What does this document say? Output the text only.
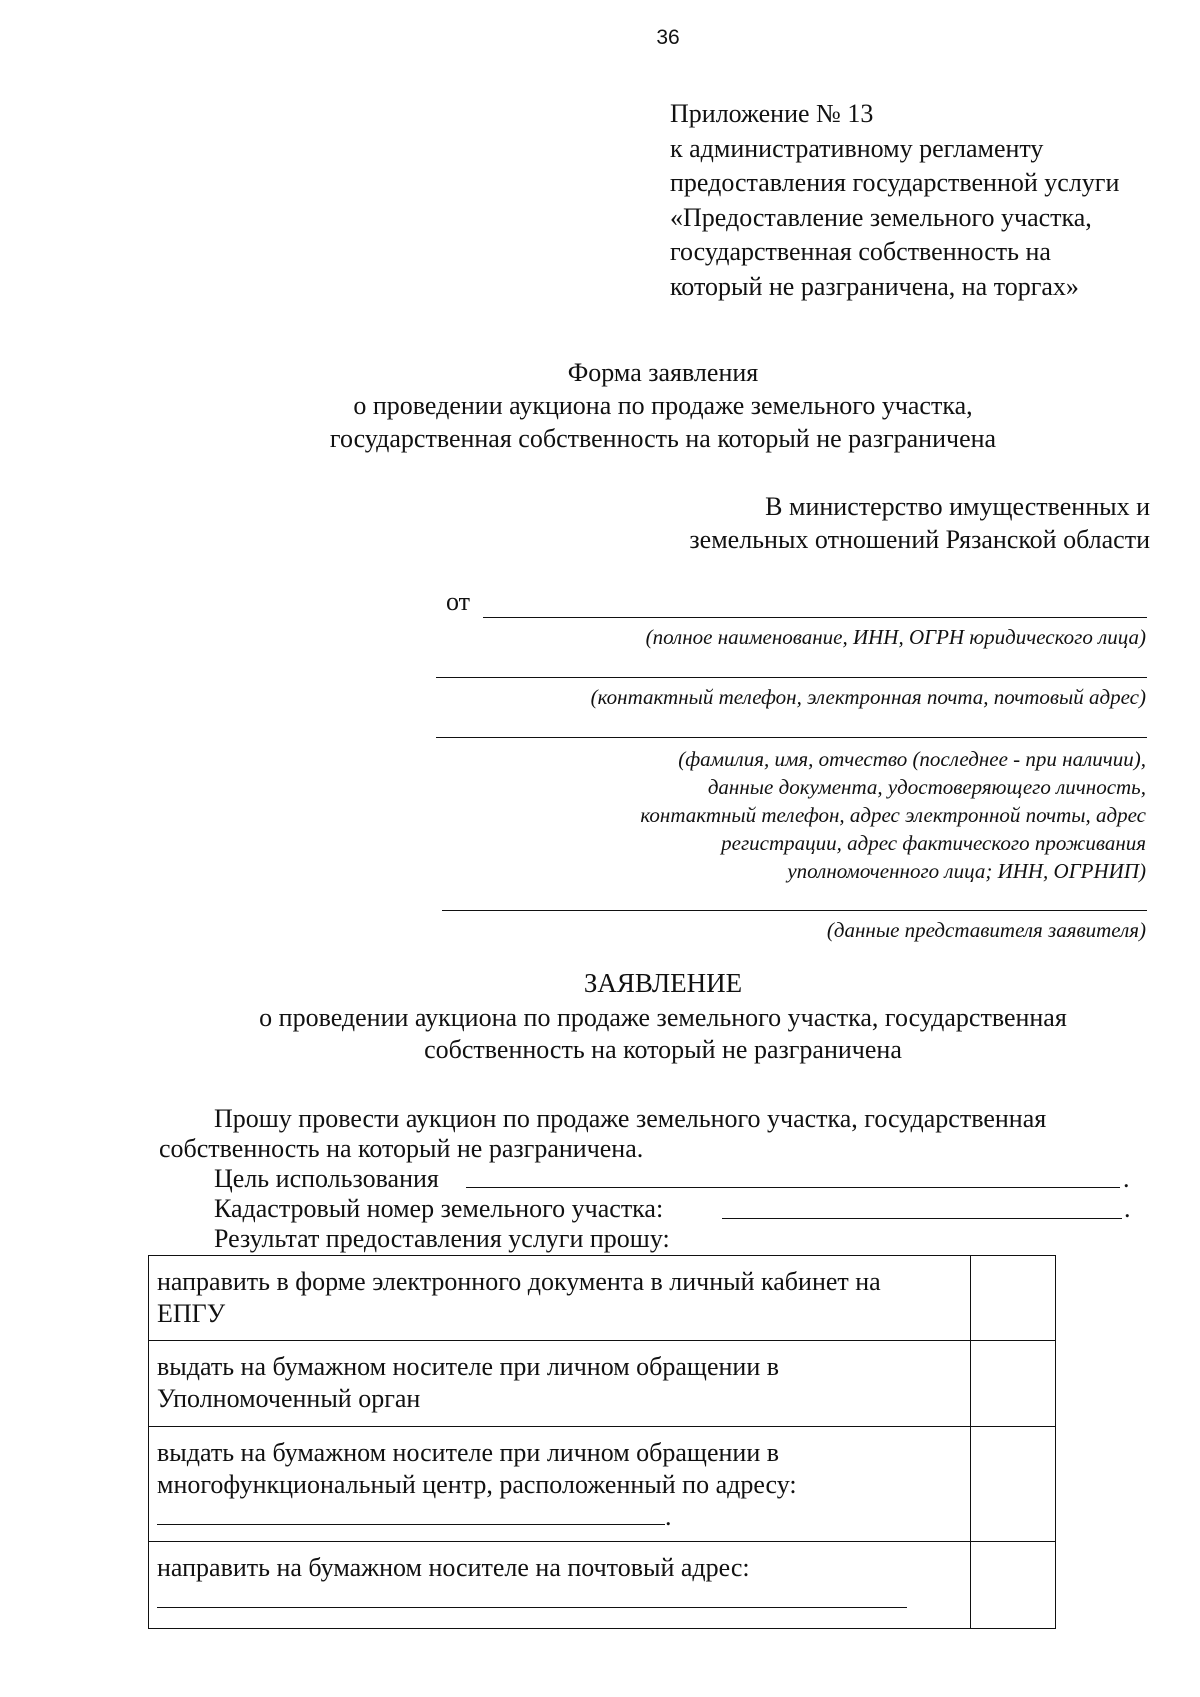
36
Приложение № 13
к административному регламенту
предоставления государственной услуги
«Предоставление земельного участка,
государственная собственность на
который не разграничена, на торгах»
Форма заявления
о проведении аукциона по продаже земельного участка,
государственная собственность на который не разграничена
В министерство имущественных и
земельных отношений Рязанской области
от
(полное наименование, ИНН, ОГРН юридического лица)
(контактный телефон, электронная почта, почтовый адрес)
(фамилия, имя, отчество (последнее - при наличии),
данные документа, удостоверяющего личность,
контактный телефон, адрес электронной почты, адрес
регистрации, адрес фактического проживания
уполномоченного лица; ИНН, ОГРНИП)
(данные представителя заявителя)
ЗАЯВЛЕНИЕ
о проведении аукциона по продаже земельного участка, государственная
собственность на который не разграничена
Прошу провести аукцион по продаже земельного участка, государственная
собственность на который не разграничена.
Цель использования	.
Кадастровый номер земельного участка:	.
Результат предоставления услуги прошу:
направить в форме электронного документа в личный кабинет на
ЕПГУ	

выдать на бумажном носителе при личном обращении в
Уполномоченный орган	

выдать на бумажном носителе при личном обращении в
многофункциональный центр, расположенный по адресу:
.	

направить на бумажном носителе на почтовый адрес:	
